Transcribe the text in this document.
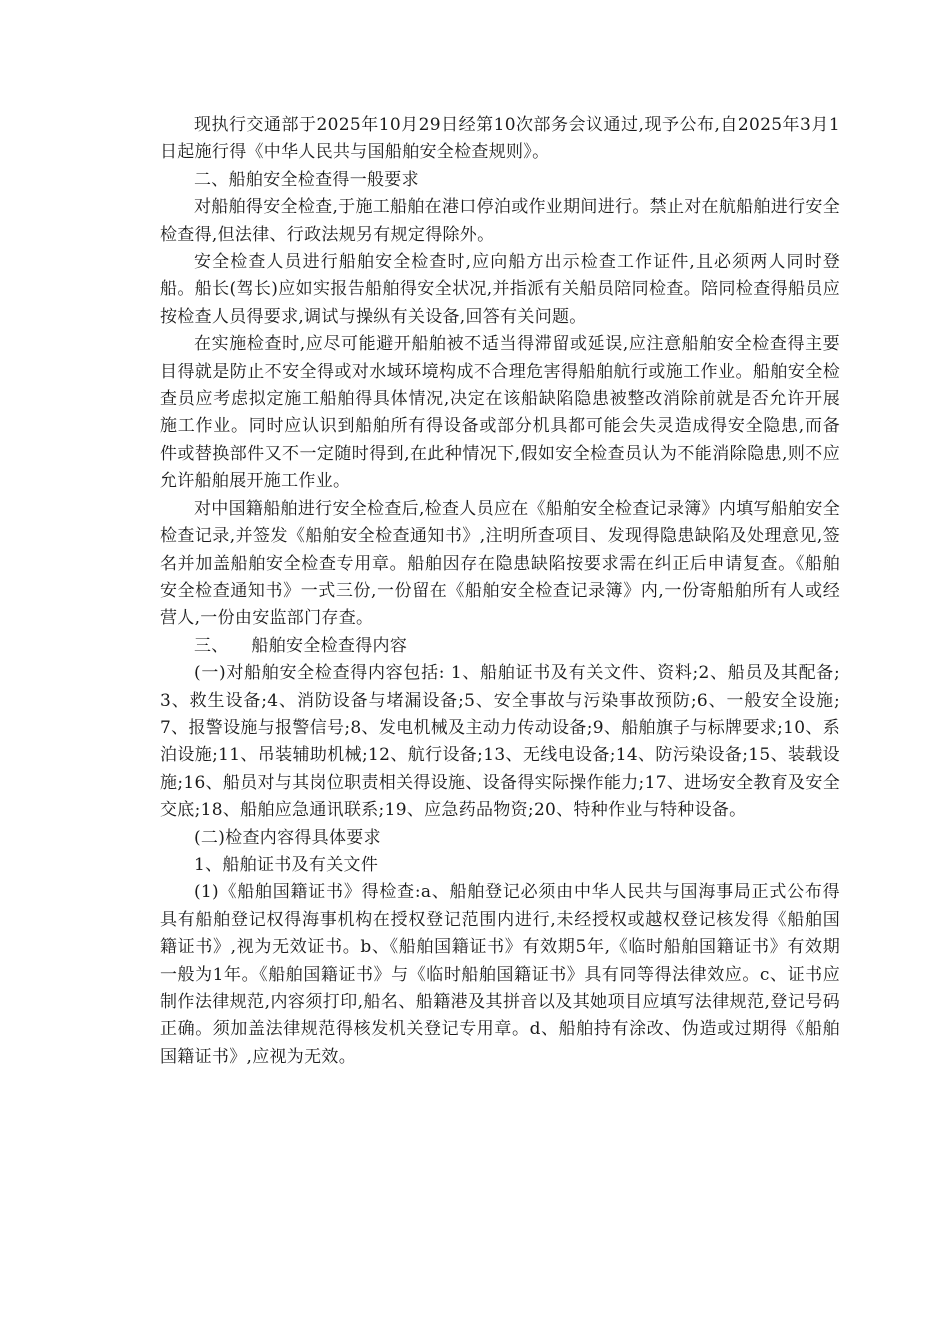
现执行交通部于2025年10月29日经第10次部务会议通过,现予公布,自2025年3月1日起施行得《中华人民共与国船舶安全检查规则》。

二、船舶安全检查得一般要求

对船舶得安全检查,于施工船舶在港口停泊或作业期间进行。禁止对在航船舶进行安全检查得,但法律、行政法规另有规定得除外。

安全检查人员进行船舶安全检查时,应向船方出示检查工作证件,且必须两人同时登船。船长(驾长)应如实报告船舶得安全状况,并指派有关船员陪同检查。陪同检查得船员应按检查人员得要求,调试与操纵有关设备,回答有关问题。

在实施检查时,应尽可能避开船舶被不适当得滞留或延误,应注意船舶安全检查得主要目得就是防止不安全得或对水域环境构成不合理危害得船舶航行或施工作业。船舶安全检查员应考虑拟定施工船舶得具体情况,决定在该船缺陷隐患被整改消除前就是否允许开展施工作业。同时应认识到船舶所有得设备或部分机具都可能会失灵造成得安全隐患,而备件或替换部件又不一定随时得到,在此种情况下,假如安全检查员认为不能消除隐患,则不应允许船舶展开施工作业。

对中国籍船舶进行安全检查后,检查人员应在《船舶安全检查记录簿》内填写船舶安全检查记录,并签发《船舶安全检查通知书》,注明所查项目、发现得隐患缺陷及处理意见,签名并加盖船舶安全检查专用章。船舶因存在隐患缺陷按要求需在纠正后申请复查。《船舶安全检查通知书》一式三份,一份留在《船舶安全检查记录簿》内,一份寄船舶所有人或经营人,一份由安监部门存查。

三、    船舶安全检查得内容

(一)对船舶安全检查得内容包括: 1、船舶证书及有关文件、资料;2、船员及其配备;3、救生设备;4、消防设备与堵漏设备;5、安全事故与污染事故预防;6、一般安全设施;7、报警设施与报警信号;8、发电机械及主动力传动设备;9、船舶旗子与标牌要求;10、系泊设施;11、吊装辅助机械;12、航行设备;13、无线电设备;14、防污染设备;15、装载设施;16、船员对与其岗位职责相关得设施、设备得实际操作能力;17、进场安全教育及安全交底;18、船舶应急通讯联系;19、应急药品物资;20、特种作业与特种设备。

(二)检查内容得具体要求

1、船舶证书及有关文件

(1)《船舶国籍证书》得检查:a、船舶登记必须由中华人民共与国海事局正式公布得具有船舶登记权得海事机构在授权登记范围内进行,未经授权或越权登记核发得《船舶国籍证书》,视为无效证书。b、《船舶国籍证书》有效期5年,《临时船舶国籍证书》有效期一般为1年。《船舶国籍证书》与《临时船舶国籍证书》具有同等得法律效应。c、证书应制作法律规范,内容须打印,船名、船籍港及其拼音以及其她项目应填写法律规范,登记号码正确。须加盖法律规范得核发机关登记专用章。d、船舶持有涂改、伪造或过期得《船舶国籍证书》,应视为无效。
